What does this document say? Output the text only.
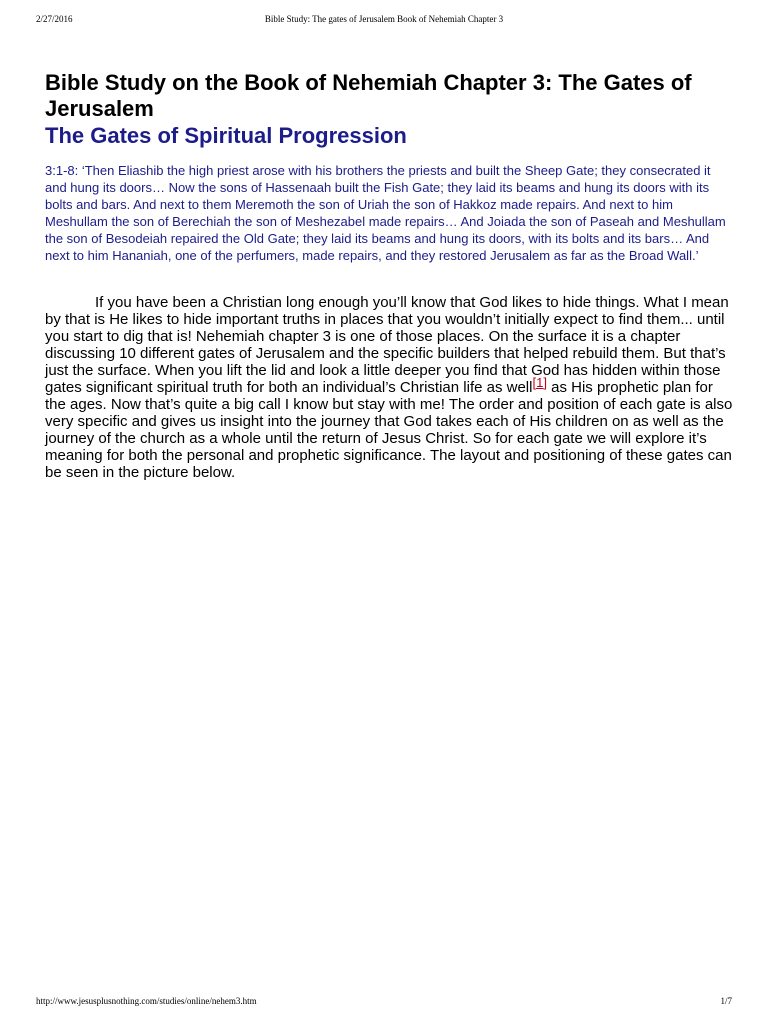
2/27/2016	Bible Study: The gates of Jerusalem Book of Nehemiah Chapter 3
Bible Study on the Book of Nehemiah Chapter 3: The Gates of Jerusalem
The Gates of Spiritual Progression
3:1-8: ‘Then Eliashib the high priest arose with his brothers the priests and built the Sheep Gate; they consecrated it and hung its doors… Now the sons of Hassenaah built the Fish Gate; they laid its beams and hung its doors with its bolts and bars. And next to them Meremoth the son of Uriah the son of Hakkoz made repairs. And next to him Meshullam the son of Berechiah the son of Meshezabel made repairs… And Joiada the son of Paseah and Meshullam the son of Besodeiah repaired the Old Gate; they laid its beams and hung its doors, with its bolts and its bars… And next to him Hananiah, one of the perfumers, made repairs, and they restored Jerusalem as far as the Broad Wall.’

If you have been a Christian long enough you’ll know that God likes to hide things. What I mean by that is He likes to hide important truths in places that you wouldn’t initially expect to find them... until you start to dig that is! Nehemiah chapter 3 is one of those places. On the surface it is a chapter discussing 10 different gates of Jerusalem and the specific builders that helped rebuild them. But that’s just the surface. When you lift the lid and look a little deeper you find that God has hidden within those gates significant spiritual truth for both an individual’s Christian life as well[1] as His prophetic plan for the ages. Now that’s quite a big call I know but stay with me! The order and position of each gate is also very specific and gives us insight into the journey that God takes each of His children on as well as the journey of the church as a whole until the return of Jesus Christ. So for each gate we will explore it’s meaning for both the personal and prophetic significance. The layout and positioning of these gates can be seen in the picture below.

http://www.jesusplusnothing.com/studies/online/nehem3.htm	1/7
